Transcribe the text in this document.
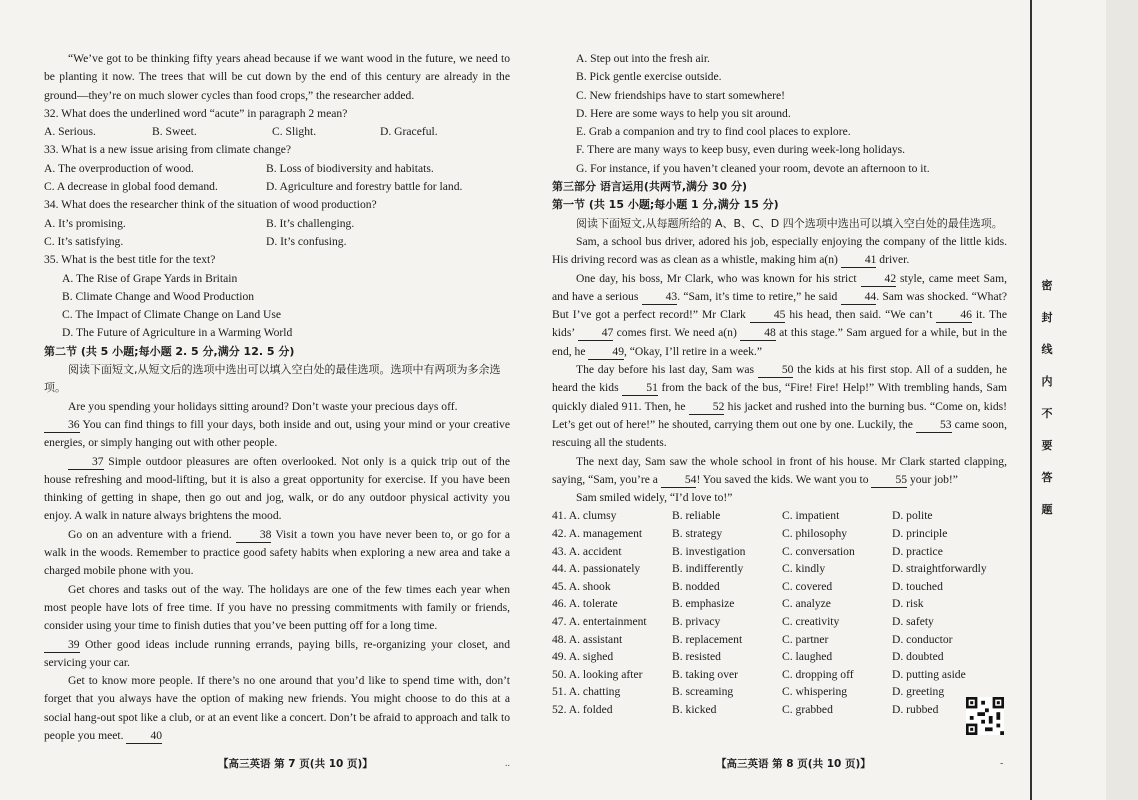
“We’ve got to be thinking fifty years ahead because if we want wood in the future, we need to be planting it now. The trees that will be cut down by the end of this century are already in the ground—they’re on much slower cycles than food crops,” the researcher added.

32. What does the underlined word “acute” in paragraph 2 mean?

A. Serious.	B. Sweet.	C. Slight.	D. Graceful.

33. What is a new issue arising from climate change?

A. The overproduction of wood.	B. Loss of biodiversity and habitats.
C. A decrease in global food demand.	D. Agriculture and forestry battle for land.

34. What does the researcher think of the situation of wood production?

A. It’s promising.	B. It’s challenging.
C. It’s satisfying.	D. It’s confusing.

35. What is the best title for the text?

A. The Rise of Grape Yards in Britain

B. Climate Change and Wood Production

C. The Impact of Climate Change on Land Use

D. The Future of Agriculture in a Warming World

第二节 (共 5 小题;每小题 2. 5 分,满分 12. 5 分)

阅读下面短文,从短文后的选项中选出可以填入空白处的最佳选项。选项中有两项为多余选项。

Are you spending your holidays sitting around? Don’t waste your precious days off.
36 You can find things to fill your days, both inside and out, using your mind or your creative energies, or simply hanging out with other people.

37 Simple outdoor pleasures are often overlooked. Not only is a quick trip out of the house refreshing and mood-lifting, but it is also a great opportunity for exercise. If you have been thinking of getting in shape, then go out and jog, walk, or do any outdoor physical activity you enjoy. A walk in nature always brightens the mood.

Go on an adventure with a friend. 38 Visit a town you have never been to, or go for a walk in the woods. Remember to practice good safety habits when exploring a new area and take a charged mobile phone with you.

Get chores and tasks out of the way. The holidays are one of the few times each year when most people have lots of free time. If you have no pressing commitments with family or friends, consider using your time to finish duties that you’ve been putting off for a long time.
39 Other good ideas include running errands, paying bills, re-organizing your closet, and servicing your car.

Get to know more people. If there’s no one around that you’d like to spend time with, don’t forget that you always have the option of making new friends. You might choose to do this at a social hang-out spot like a club, or at an event like a concert. Don’t be afraid to approach and talk to people you meet. 40

【高三英语 第 7 页(共 10 页)】	..

A. Step out into the fresh air.

B. Pick gentle exercise outside.

C. New friendships have to start somewhere!

D. Here are some ways to help you sit around.

E. Grab a companion and try to find cool places to explore.

F. There are many ways to keep busy, even during week-long holidays.

G. For instance, if you haven’t cleaned your room, devote an afternoon to it.

第三部分 语言运用(共两节,满分 30 分)

第一节 (共 15 小题;每小题 1 分,满分 15 分)

阅读下面短文,从每题所给的 A、B、C、D 四个选项中选出可以填入空白处的最佳选项。

Sam, a school bus driver, adored his job, especially enjoying the company of the little kids. His driving record was as clean as a whistle, making him a(n) 41 driver.

One day, his boss, Mr Clark, who was known for his strict 42 style, came meet Sam, and have a serious 43. “Sam, it’s time to retire,” he said 44. Sam was shocked. “What? But I’ve got a perfect record!” Mr Clark 45 his head, then said. “We can’t 46 it. The kids’ 47 comes first. We need a(n) 48 at this stage.” Sam argued for a while, but in the end, he 49, “Okay, I’ll retire in a week.”

The day before his last day, Sam was 50 the kids at his first stop. All of a sudden, he heard the kids 51 from the back of the bus, “Fire! Fire! Help!” With trembling hands, Sam quickly dialed 911. Then, he 52 his jacket and rushed into the burning bus. “Come on, kids! Let’s get out of here!” he shouted, carrying them out one by one. Luckily, the 53 came soon, rescuing all the students.

The next day, Sam saw the whole school in front of his house. Mr Clark started clapping, saying, “Sam, you’re a 54! You saved the kids. We want you to 55 your job!”

Sam smiled widely, “I’d love to!”

41. A. clumsy	B. reliable	C. impatient	D. polite
42. A. management	B. strategy	C. philosophy	D. principle
43. A. accident	B. investigation	C. conversation	D. practice
44. A. passionately	B. indifferently	C. kindly	D. straightforwardly
45. A. shook	B. nodded	C. covered	D. touched
46. A. tolerate	B. emphasize	C. analyze	D. risk
47. A. entertainment	B. privacy	C. creativity	D. safety
48. A. assistant	B. replacement	C. partner	D. conductor
49. A. sighed	B. resisted	C. laughed	D. doubted
50. A. looking after	B. taking over	C. dropping off	D. putting aside
51. A. chatting	B. screaming	C. whispering	D. greeting
52. A. folded	B. kicked	C. grabbed	D. rubbed
【高三英语 第 8 页(共 10 页)】	-
密
封
线
内
不
要
答
题
